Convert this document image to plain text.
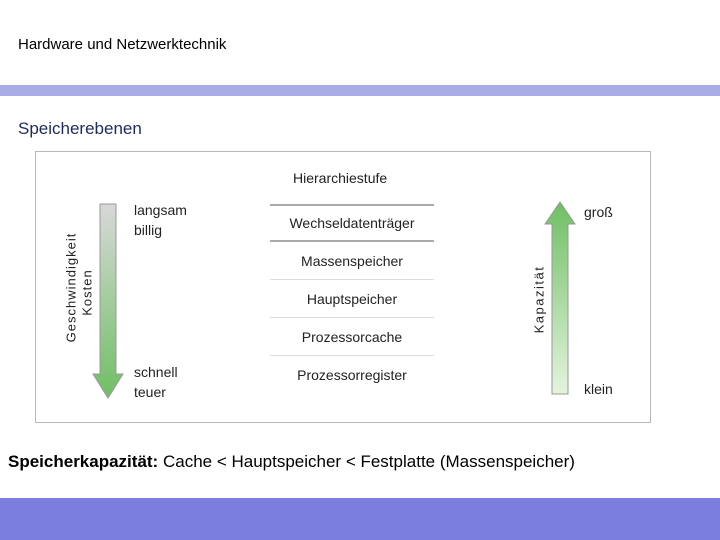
Hardware und Netzwerktechnik
Speicherebenen
Hierarchiestufe
Geschwindigkeit Kosten
langsam
billig
schnell
teuer
Wechseldatenträger
Massenspeicher
Hauptspeicher
Prozessorcache
Prozessorregister
Kapazität
groß
klein
Speicherkapazität: Cache < Hauptspeicher < Festplatte (Massenspeicher)
